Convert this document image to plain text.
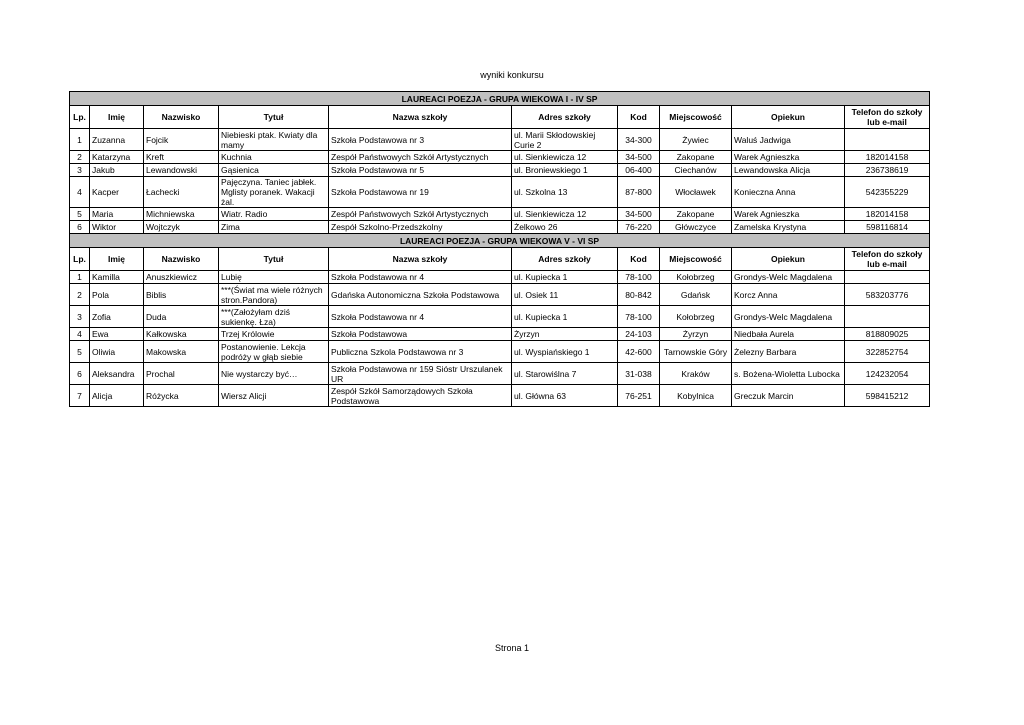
wyniki konkursu
LAUREACI POEZJA - GRUPA WIEKOWA I - IV SP									
Lp.	Imię	Nazwisko	Tytuł	Nazwa szkoły	Adres szkoły	Kod	Miejscowość	Opiekun	Telefon do szkoły lub e-mail
1	Zuzanna	Fojcik	Niebieski ptak. Kwiaty dla mamy	Szkoła Podstawowa nr 3	ul. Marii Skłodowskiej Curie 2	34-300	Żywiec	Waluś Jadwiga	
2	Katarzyna	Kreft	Kuchnia	Zespół Państwowych Szkół Artystycznych	ul. Sienkiewicza 12	34-500	Zakopane	Warek Agnieszka	182014158
3	Jakub	Lewandowski	Gąsienica	Szkoła Podstawowa nr 5	ul. Broniewskiego 1	06-400	Ciechanów	Lewandowska Alicja	236738619
4	Kacper	Łachecki	Pajęczyna. Taniec jabłek. Mglisty poranek. Wakacji żal.	Szkoła Podstawowa nr 19	ul. Szkolna 13	87-800	Włocławek	Konieczna Anna	542355229
5	Maria	Michniewska	Wiatr. Radio	Zespół Państwowych Szkół Artystycznych	ul. Sienkiewicza 12	34-500	Zakopane	Warek Agnieszka	182014158
6	Wiktor	Wojtczyk	Zima	Zespół Szkolno-Przedszkolny	Żelkowo 26	76-220	Główczyce	Zamelska Krystyna	598116814
LAUREACI POEZJA - GRUPA WIEKOWA V - VI SP									
Lp.	Imię	Nazwisko	Tytuł	Nazwa szkoły	Adres szkoły	Kod	Miejscowość	Opiekun	Telefon do szkoły lub e-mail
1	Kamilla	Anuszkiewicz	Lubię	Szkoła Podstawowa nr 4	ul. Kupiecka 1	78-100	Kołobrzeg	Grondys-Welc Magdalena	
2	Pola	Biblis	***(Świat ma wiele różnych stron.Pandora)	Gdańska Autonomiczna Szkoła Podstawowa	ul. Osiek 11	80-842	Gdańsk	Korcz Anna	583203776
3	Zofia	Duda	***(Założyłam dziś sukienkę. Łza)	Szkoła Podstawowa nr 4	ul. Kupiecka 1	78-100	Kołobrzeg	Grondys-Welc Magdalena	
4	Ewa	Kałkowska	Trzej Królowie	Szkoła Podstawowa	Żyrzyn	24-103	Żyrzyn	Niedbała Aurela	818809025
5	Oliwia	Makowska	Postanowienie. Lekcja podróży w głąb siebie	Publiczna Szkola Podstawowa nr 3	ul. Wyspiańskiego 1	42-600	Tarnowskie Góry	Żelezny Barbara	322852754
6	Aleksandra	Prochal	Nie wystarczy być…	Szkoła Podstawowa nr 159 Sióstr Urszulanek UR	ul. Starowiślna 7	31-038	Kraków	s. Bożena-Wioletta Lubocka	124232054
7	Alicja	Różycka	Wiersz Alicji	Zespół Szkół Samorządowych Szkoła Podstawowa	ul. Główna 63	76-251	Kobylnica	Greczuk Marcin	598415212
Strona 1
